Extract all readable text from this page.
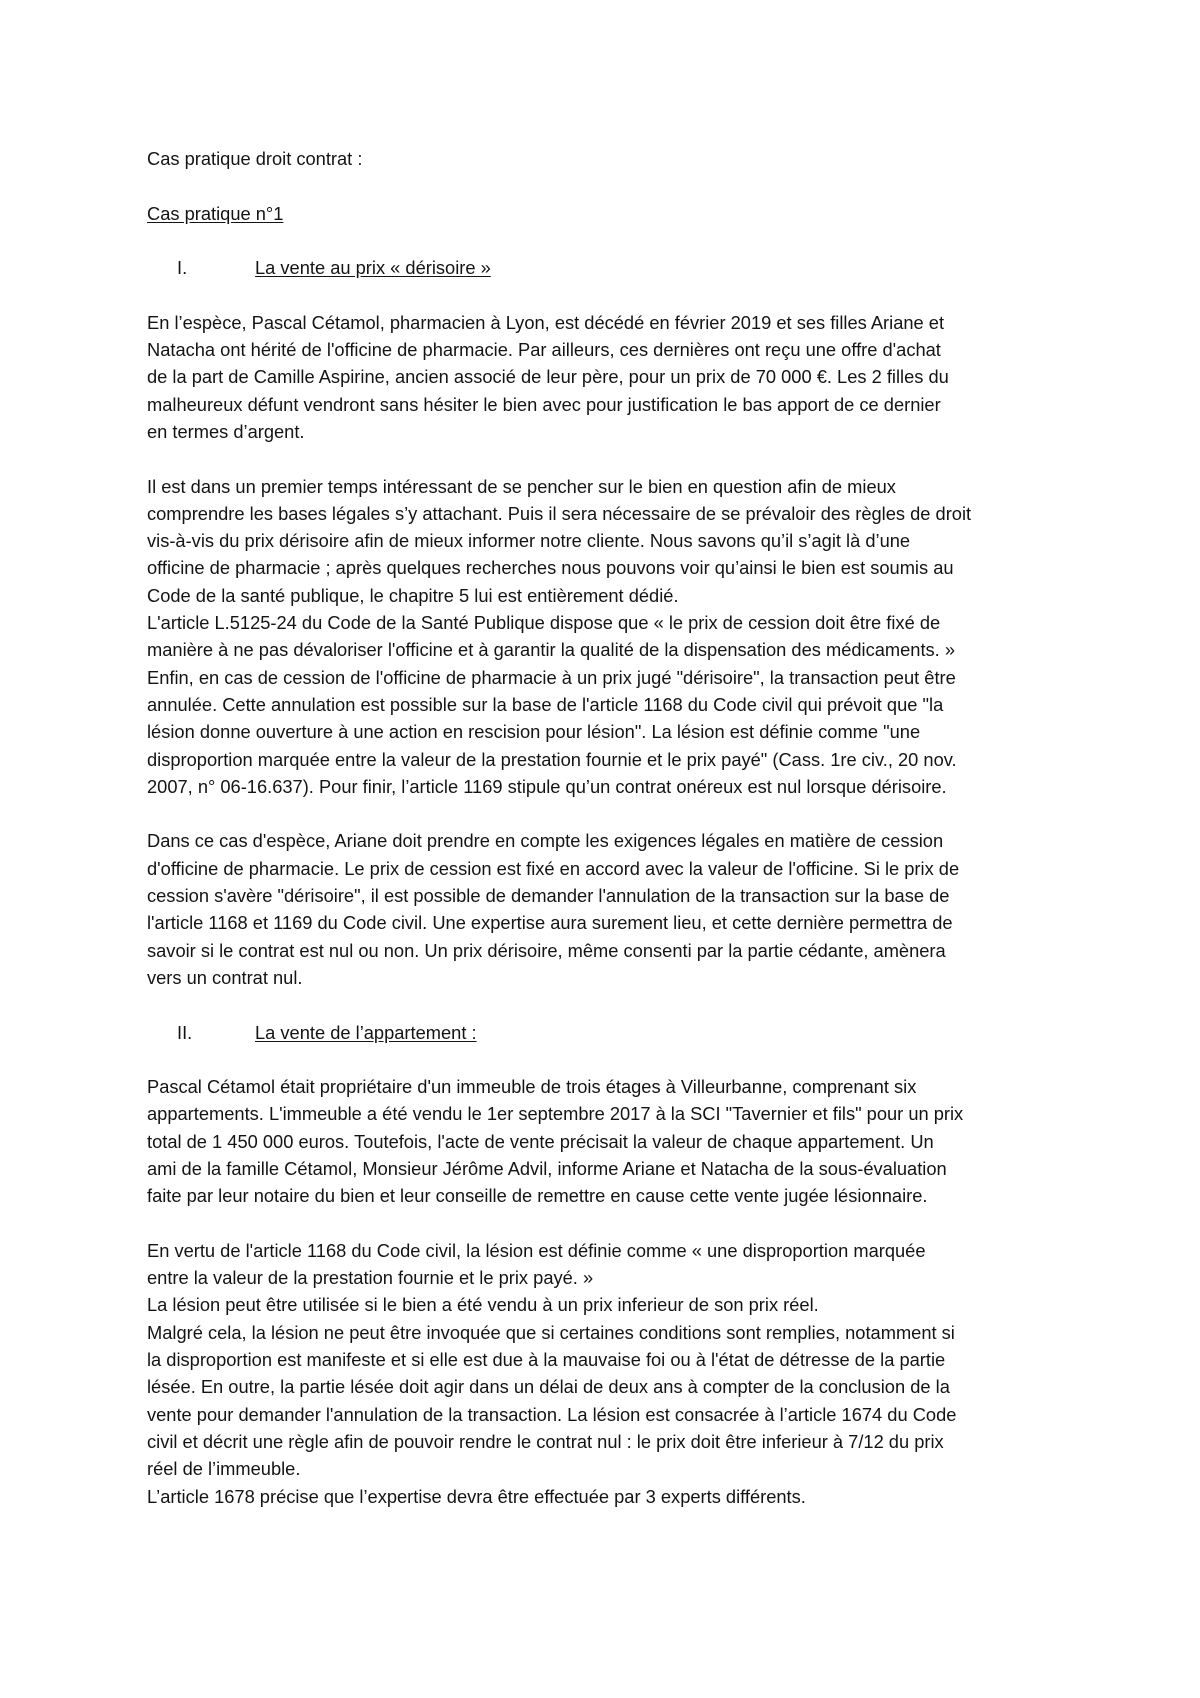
Cas pratique droit contrat :

Cas pratique n°1

I.	La vente au prix « dérisoire »

En l’espèce, Pascal Cétamol, pharmacien à Lyon, est décédé en février 2019 et ses filles Ariane et

Natacha ont hérité de l'officine de pharmacie. Par ailleurs, ces dernières ont reçu une offre d'achat

de la part de Camille Aspirine, ancien associé de leur père, pour un prix de 70 000 €. Les 2 filles du

malheureux défunt vendront sans hésiter le bien avec pour justification le bas apport de ce dernier

en termes d’argent.

Il est dans un premier temps intéressant de se pencher sur le bien en question afin de mieux

comprendre les bases légales s’y attachant. Puis il sera nécessaire de se prévaloir des règles de droit

vis-à-vis du prix dérisoire afin de mieux informer notre cliente. Nous savons qu’il s’agit là d’une

officine de pharmacie ; après quelques recherches nous pouvons voir qu’ainsi le bien est soumis au

Code de la santé publique, le chapitre 5 lui est entièrement dédié.

L'article L.5125-24 du Code de la Santé Publique dispose que « le prix de cession doit être fixé de

manière à ne pas dévaloriser l'officine et à garantir la qualité de la dispensation des médicaments. »

Enfin, en cas de cession de l'officine de pharmacie à un prix jugé "dérisoire", la transaction peut être

annulée. Cette annulation est possible sur la base de l'article 1168 du Code civil qui prévoit que "la

lésion donne ouverture à une action en rescision pour lésion". La lésion est définie comme "une

disproportion marquée entre la valeur de la prestation fournie et le prix payé" (Cass. 1re civ., 20 nov.

2007, n° 06-16.637). Pour finir, l’article 1169 stipule qu’un contrat onéreux est nul lorsque dérisoire.

Dans ce cas d'espèce, Ariane doit prendre en compte les exigences légales en matière de cession

d'officine de pharmacie. Le prix de cession est fixé en accord avec la valeur de l'officine. Si le prix de

cession s'avère "dérisoire", il est possible de demander l'annulation de la transaction sur la base de

l'article 1168 et 1169 du Code civil. Une expertise aura surement lieu, et cette dernière permettra de

savoir si le contrat est nul ou non. Un prix dérisoire, même consenti par la partie cédante, amènera

vers un contrat nul.

II.	La vente de l’appartement :

Pascal Cétamol était propriétaire d'un immeuble de trois étages à Villeurbanne, comprenant six

appartements. L'immeuble a été vendu le 1er septembre 2017 à la SCI "Tavernier et fils" pour un prix

total de 1 450 000 euros. Toutefois, l'acte de vente précisait la valeur de chaque appartement. Un

ami de la famille Cétamol, Monsieur Jérôme Advil, informe Ariane et Natacha de la sous-évaluation

faite par leur notaire du bien et leur conseille de remettre en cause cette vente jugée lésionnaire.

En vertu de l'article 1168 du Code civil, la lésion est définie comme « une disproportion marquée

entre la valeur de la prestation fournie et le prix payé. »

La lésion peut être utilisée si le bien a été vendu à un prix inferieur de son prix réel.

Malgré cela, la lésion ne peut être invoquée que si certaines conditions sont remplies, notamment si

la disproportion est manifeste et si elle est due à la mauvaise foi ou à l'état de détresse de la partie

lésée. En outre, la partie lésée doit agir dans un délai de deux ans à compter de la conclusion de la

vente pour demander l'annulation de la transaction. La lésion est consacrée à l’article 1674 du Code

civil et décrit une règle afin de pouvoir rendre le contrat nul : le prix doit être inferieur à 7/12 du prix

réel de l’immeuble.

L’article 1678 précise que l’expertise devra être effectuée par 3 experts différents.
